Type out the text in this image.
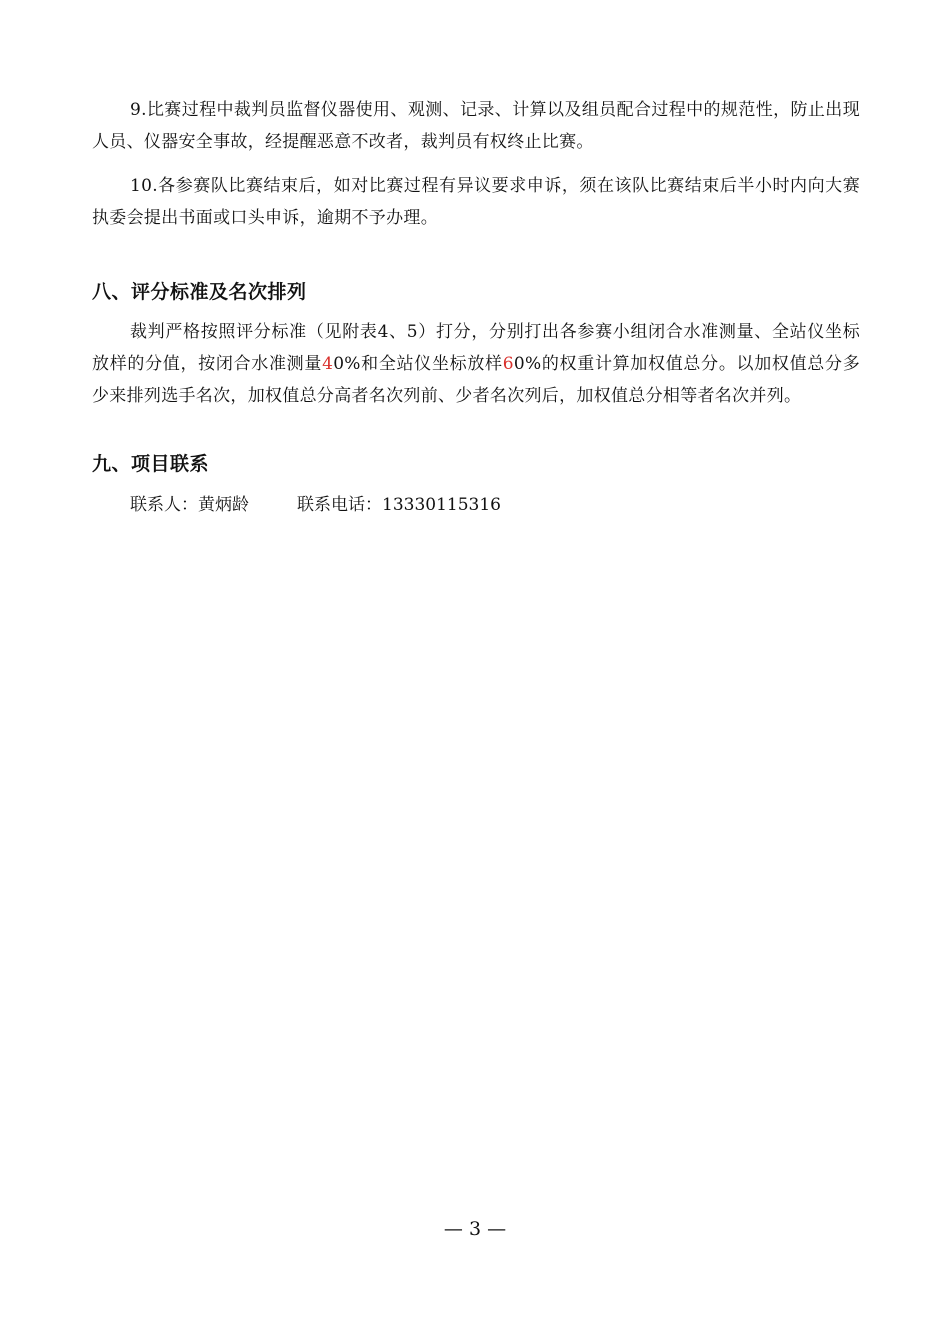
9.比赛过程中裁判员监督仪器使用、观测、记录、计算以及组员配合过程中的规范性，防止出现人员、仪器安全事故，经提醒恶意不改者，裁判员有权终止比赛。

10.各参赛队比赛结束后，如对比赛过程有异议要求申诉，须在该队比赛结束后半小时内向大赛执委会提出书面或口头申诉，逾期不予办理。

八、评分标准及名次排列

裁判严格按照评分标准（见附表4、5）打分，分别打出各参赛小组闭合水准测量、全站仪坐标放样的分值，按闭合水准测量40%和全站仪坐标放样60%的权重计算加权值总分。以加权值总分多少来排列选手名次，加权值总分高者名次列前、少者名次列后，加权值总分相等者名次并列。

九、项目联系
联系人：黄炳龄	联系电话：13330115316
— 3 —
